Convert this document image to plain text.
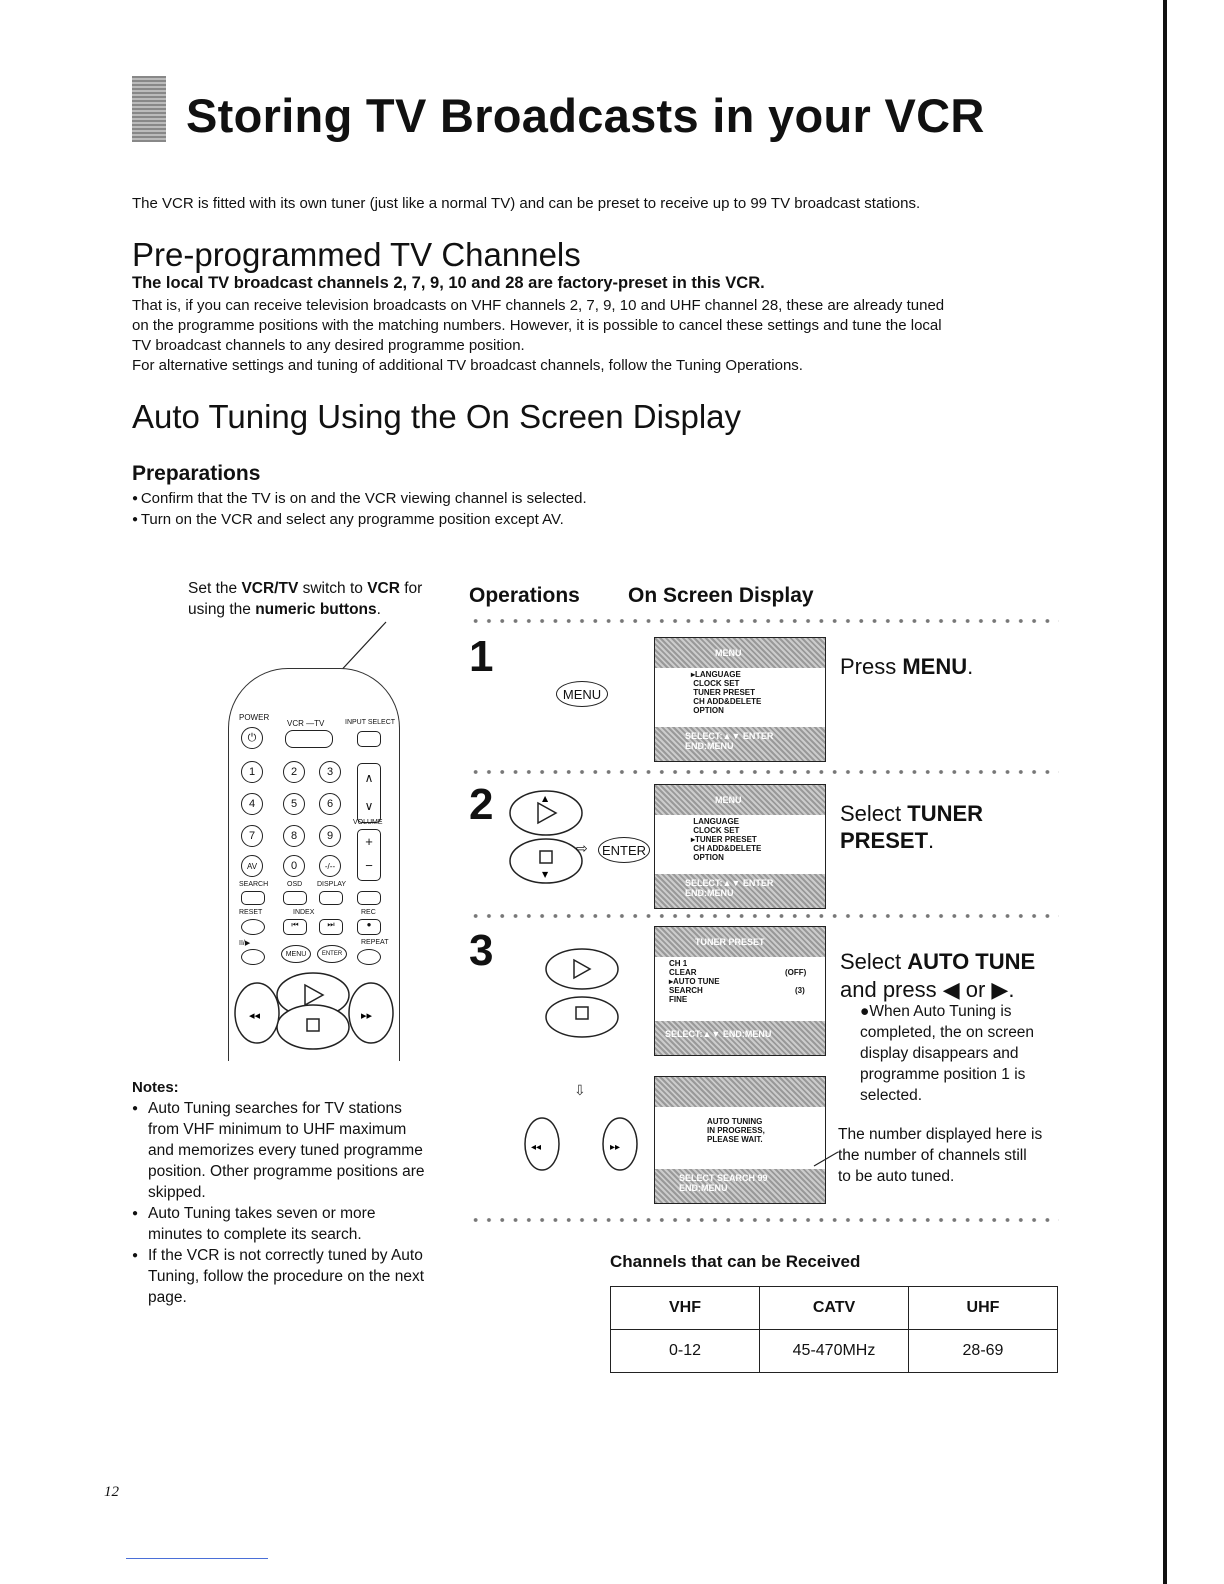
Storing TV Broadcasts in your VCR
The VCR is fitted with its own tuner (just like a normal TV) and can be preset to receive up to 99 TV broadcast stations.
Pre-programmed TV Channels
The local TV broadcast channels 2, 7, 9, 10 and 28 are factory-preset in this VCR.
That is, if you can receive television broadcasts on VHF channels 2, 7, 9, 10 and UHF channel 28, these are already tuned
on the programme positions with the matching numbers. However, it is possible to cancel these settings and tune the local
TV broadcast channels to any desired programme position.
For alternative settings and tuning of additional TV broadcast channels, follow the Tuning Operations.
Auto Tuning Using the On Screen Display
Preparations
● Confirm that the TV is on and the VCR viewing channel is selected.
● Turn on the VCR and select any programme position except AV.
Set the VCR/TV switch to VCR for
using the numeric buttons.
POWER
VCR —TV	INPUT SELECT
⏻
1	2	3
4	5	6
7	8	9
AV	0	-/--
∧
∨
VOLUME
+
−
SEARCH	OSD DISPLAY
RESET	INDEX	REC
⏮	⏭	●
II/▶	REPEAT
MENU	ENTER
◂◂	▸▸
Notes:
● Auto Tuning searches for TV stations
from VHF minimum to UHF maximum
and memorizes every tuned programme
position. Other programme positions are
skipped.
● Auto Tuning takes seven or more
minutes to complete its search.
● If the VCR is not correctly tuned by Auto
Tuning, follow the procedure on the next
page.
Operations On Screen Display
1
MENU
MENU
▸LANGUAGE
CLOCK SET
TUNER PRESET
CH ADD&DELETE
OPTION
SELECT:▲▼ ENTER
END:MENU
Press MENU.
2	▲
▼
⇨	ENTER
MENU
LANGUAGE
CLOCK SET
▸TUNER PRESET
CH ADD&DELETE
OPTION
SELECT:▲▼ ENTER
END:MENU
Select TUNER PRESET.
3	TUNER PRESET
CH 1
CLEAR
▸AUTO TUNE
SEARCH
FINE
(OFF)
(3)
SELECT:▲▼ END:MENU
Select AUTO TUNE
and press ◀ or ▶.
●When Auto Tuning is
completed, the on screen
display disappears and
programme position 1 is
selected.
⇩
◂◂	▸▸
AUTO TUNING
IN PROGRESS,
PLEASE WAIT.
SELECT SEARCH 99
END:MENU
The number displayed here is
the number of channels still
to be auto tuned.
Channels that can be Received
VHF	CATV	UHF
0-12	45-470MHz	28-69
12
